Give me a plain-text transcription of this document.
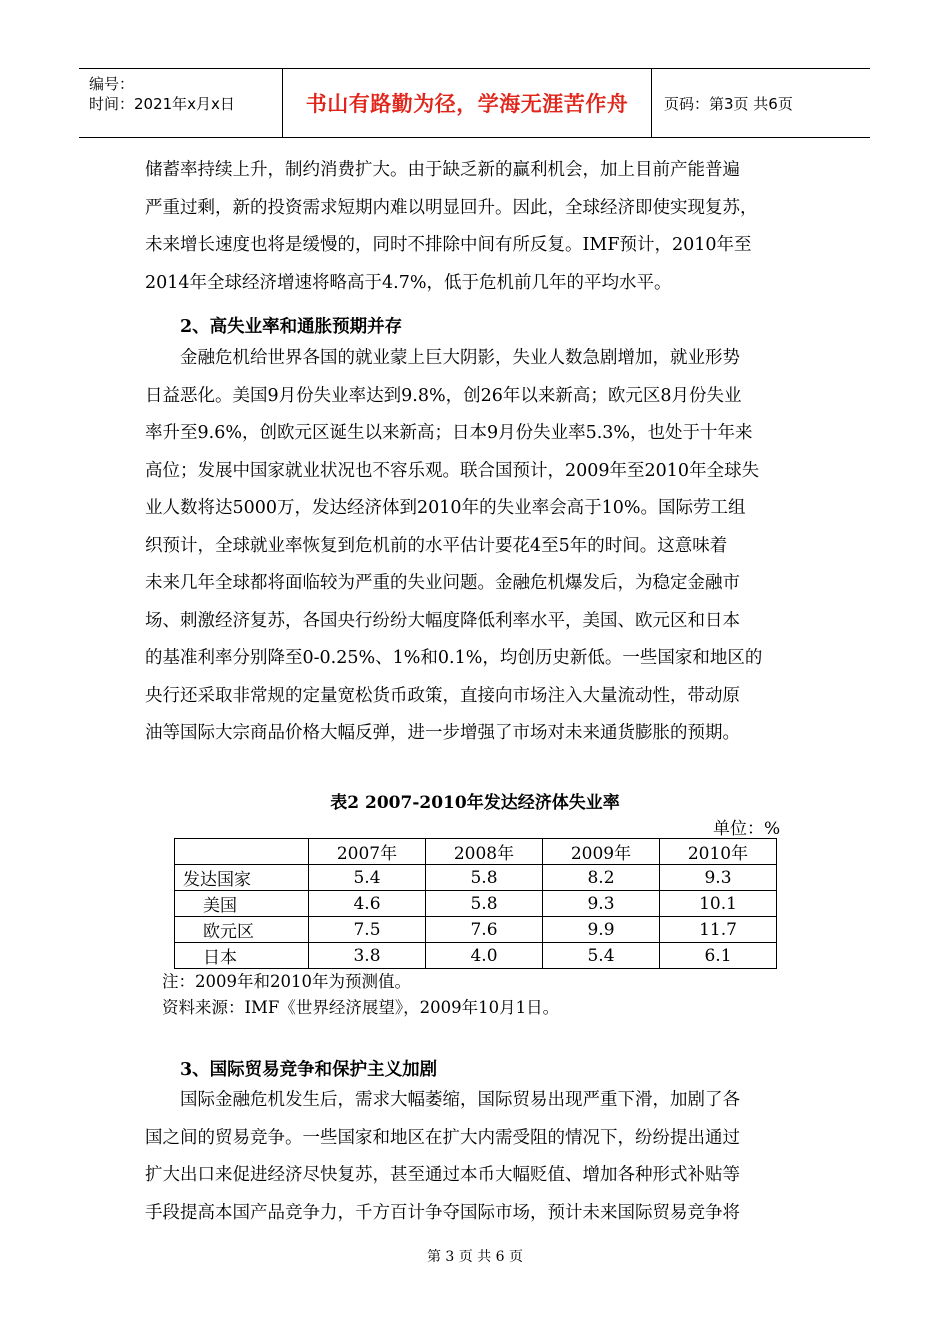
编号：
时间：2021年x月x日	书山有路勤为径，学海无涯苦作舟	页码：第3页 共6页
储蓄率持续上升，制约消费扩大。由于缺乏新的赢利机会，加上目前产能普遍
严重过剩，新的投资需求短期内难以明显回升。因此，全球经济即使实现复苏，
未来增长速度也将是缓慢的，同时不排除中间有所反复。IMF预计，2010年至
2014年全球经济增速将略高于4.7%，低于危机前几年的平均水平。
2、高失业率和通胀预期并存
　　金融危机给世界各国的就业蒙上巨大阴影，失业人数急剧增加，就业形势
日益恶化。美国9月份失业率达到9.8%，创26年以来新高；欧元区8月份失业
率升至9.6%，创欧元区诞生以来新高；日本9月份失业率5.3%，也处于十年来
高位；发展中国家就业状况也不容乐观。联合国预计，2009年至2010年全球失
业人数将达5000万，发达经济体到2010年的失业率会高于10%。国际劳工组
织预计，全球就业率恢复到危机前的水平估计要花4至5年的时间。这意味着
未来几年全球都将面临较为严重的失业问题。金融危机爆发后，为稳定金融市
场、刺激经济复苏，各国央行纷纷大幅度降低利率水平，美国、欧元区和日本
的基准利率分别降至0-0.25%、1%和0.1%，均创历史新低。一些国家和地区的
央行还采取非常规的定量宽松货币政策，直接向市场注入大量流动性，带动原
油等国际大宗商品价格大幅反弹，进一步增强了市场对未来通货膨胀的预期。
表2 2007-2010年发达经济体失业率
单位：%
	2007年	2008年	2009年	2010年
发达国家	5.4	5.8	8.2	9.3
美国	4.6	5.8	9.3	10.1
欧元区	7.5	7.6	9.9	11.7
日本	3.8	4.0	5.4	6.1
注：2009年和2010年为预测值。
资料来源：IMF《世界经济展望》，2009年10月1日。
3、国际贸易竞争和保护主义加剧
　　国际金融危机发生后，需求大幅萎缩，国际贸易出现严重下滑，加剧了各
国之间的贸易竞争。一些国家和地区在扩大内需受阻的情况下，纷纷提出通过
扩大出口来促进经济尽快复苏，甚至通过本币大幅贬值、增加各种形式补贴等
手段提高本国产品竞争力，千方百计争夺国际市场，预计未来国际贸易竞争将
第 3 页 共 6 页
